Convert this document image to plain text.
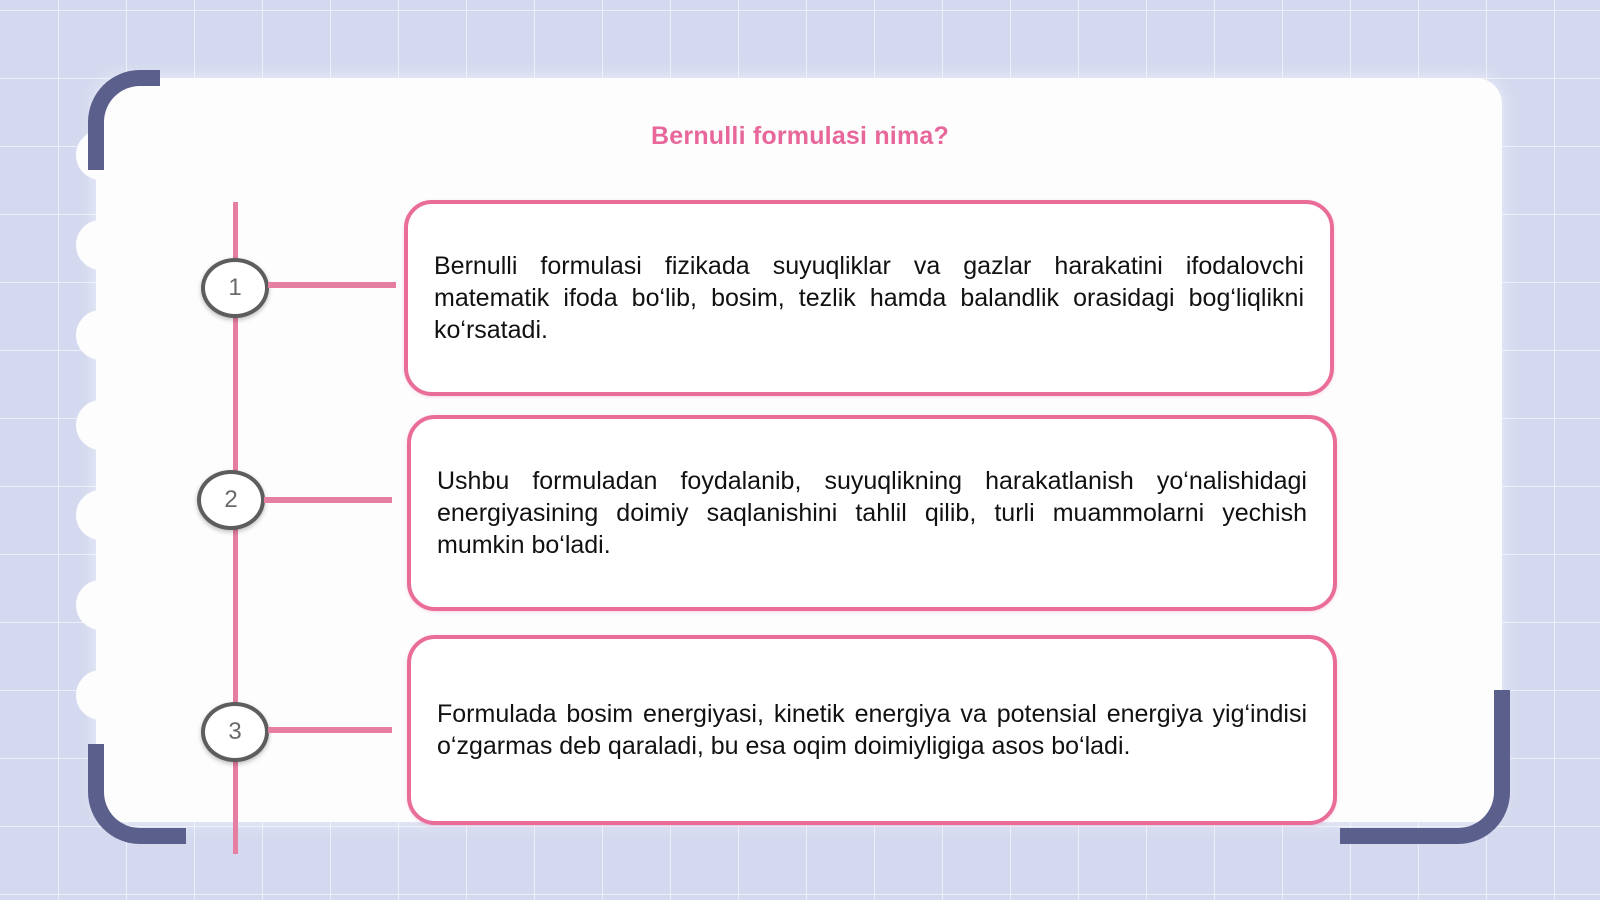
Bernulli formulasi nima?
1

Bernulli formulasi fizikada suyuqliklar va gazlar harakatini ifodalovchi matematik ifoda bo‘lib, bosim, tezlik hamda balandlik orasidagi bog‘liqlikni ko‘rsatadi.

2

Ushbu formuladan foydalanib, suyuqlikning harakatlanish yo‘nalishidagi energiyasining doimiy saqlanishini tahlil qilib, turli muammolarni yechish mumkin bo‘ladi.

3

Formulada bosim energiyasi, kinetik energiya va potensial energiya yig‘indisi o‘zgarmas deb qaraladi, bu esa oqim doimiyligiga asos bo‘ladi.
